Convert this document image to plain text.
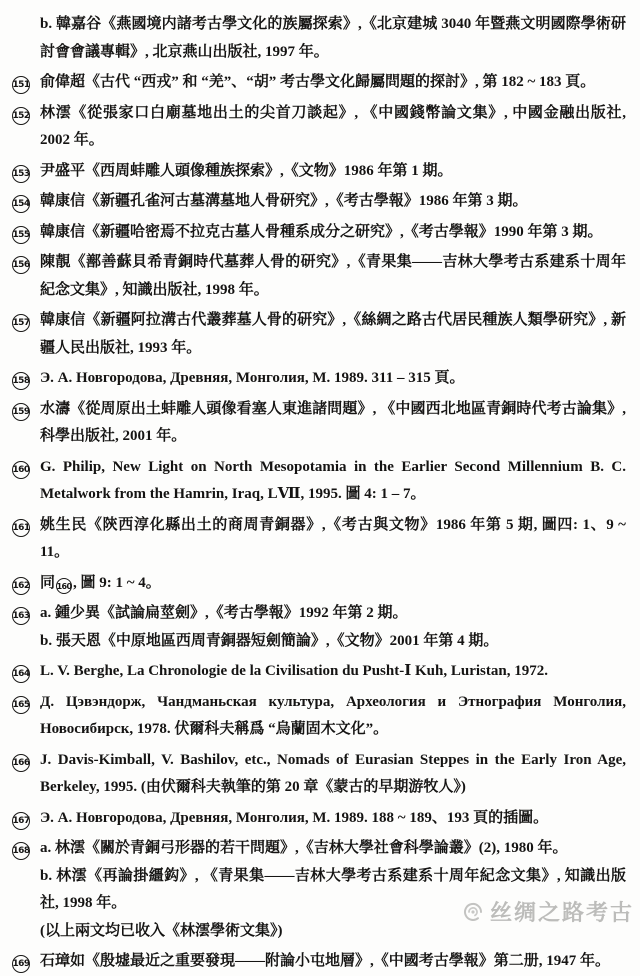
b. 韓嘉谷《燕國境内諸考古學文化的族屬探索》,《北京建城 3040 年暨燕文明國際學術研討會會議專輯》, 北京燕山出版社, 1997 年。
151 俞偉超《古代 “西戎” 和 “羌”、“胡” 考古學文化歸屬問題的探討》, 第 182 ~ 183 頁。
152 林澐《從張家口白廟墓地出土的尖首刀談起》, 《中國錢幣論文集》, 中國金融出版社, 2002 年。
153 尹盛平《西周蚌雕人頭像種族探索》,《文物》1986 年第 1 期。
154 韓康信《新疆孔雀河古墓溝墓地人骨研究》,《考古學報》1986 年第 3 期。
155 韓康信《新疆哈密焉不拉克古墓人骨種系成分之研究》,《考古學報》1990 年第 3 期。
156 陳靚《鄯善蘇貝希青銅時代墓葬人骨的研究》,《青果集——吉林大學考古系建系十周年紀念文集》, 知識出版社, 1998 年。
157 韓康信《新疆阿拉溝古代叢葬墓人骨的研究》,《絲綢之路古代居民種族人類學研究》, 新疆人民出版社, 1993 年。
158 Э. А. Новгородова, Древняя, Монголия, М. 1989. 311 – 315 頁。
159 水濤《從周原出土蚌雕人頭像看塞人東進諸問題》, 《中國西北地區青銅時代考古論集》, 科學出版社, 2001 年。
160 G. Philip, New Light on North Mesopotamia in the Earlier Second Millennium B. C. Metalwork from the Hamrin, Iraq, LⅦ, 1995. 圖 4: 1 – 7。
161 姚生民《陝西淳化縣出土的商周青銅器》,《考古與文物》1986 年第 5 期, 圖四: 1、9 ~ 11。
162 同 160 , 圖 9: 1 ~ 4。
163 a. 鍾少異《試論扁莖劍》,《考古學報》1992 年第 2 期。
b. 張天恩《中原地區西周青銅器短劍簡論》,《文物》2001 年第 4 期。
164 L. V. Berghe, La Chronologie de la Civilisation du Pusht-Ⅰ Kuh, Luristan, 1972.
165 Д. Цэвэндорж, Чандманьская культура, Археология и Этнография Монголия, Новосибирск, 1978. 伏爾科夫稱爲 “烏蘭固木文化”。
166 J. Davis-Kimball, V. Bashilov, etc., Nomads of Eurasian Steppes in the Early Iron Age, Berkeley, 1995. (由伏爾科夫執筆的第 20 章《蒙古的早期游牧人》)
167 Э. А. Новгородова, Древняя, Монголия, М. 1989. 188 ~ 189、193 頁的插圖。
168 a. 林澐《關於青銅弓形器的若干問題》,《吉林大學社會科學論叢》(2), 1980 年。
b. 林澐《再論掛繮鈎》, 《青果集——吉林大學考古系建系十周年紀念文集》, 知識出版社, 1998 年。
(以上兩文均已收入《林澐學術文集》)
169 石璋如《殷墟最近之重要發現——附論小屯地層》,《中國考古學報》第二册, 1947 年。
丝绸之路考古
